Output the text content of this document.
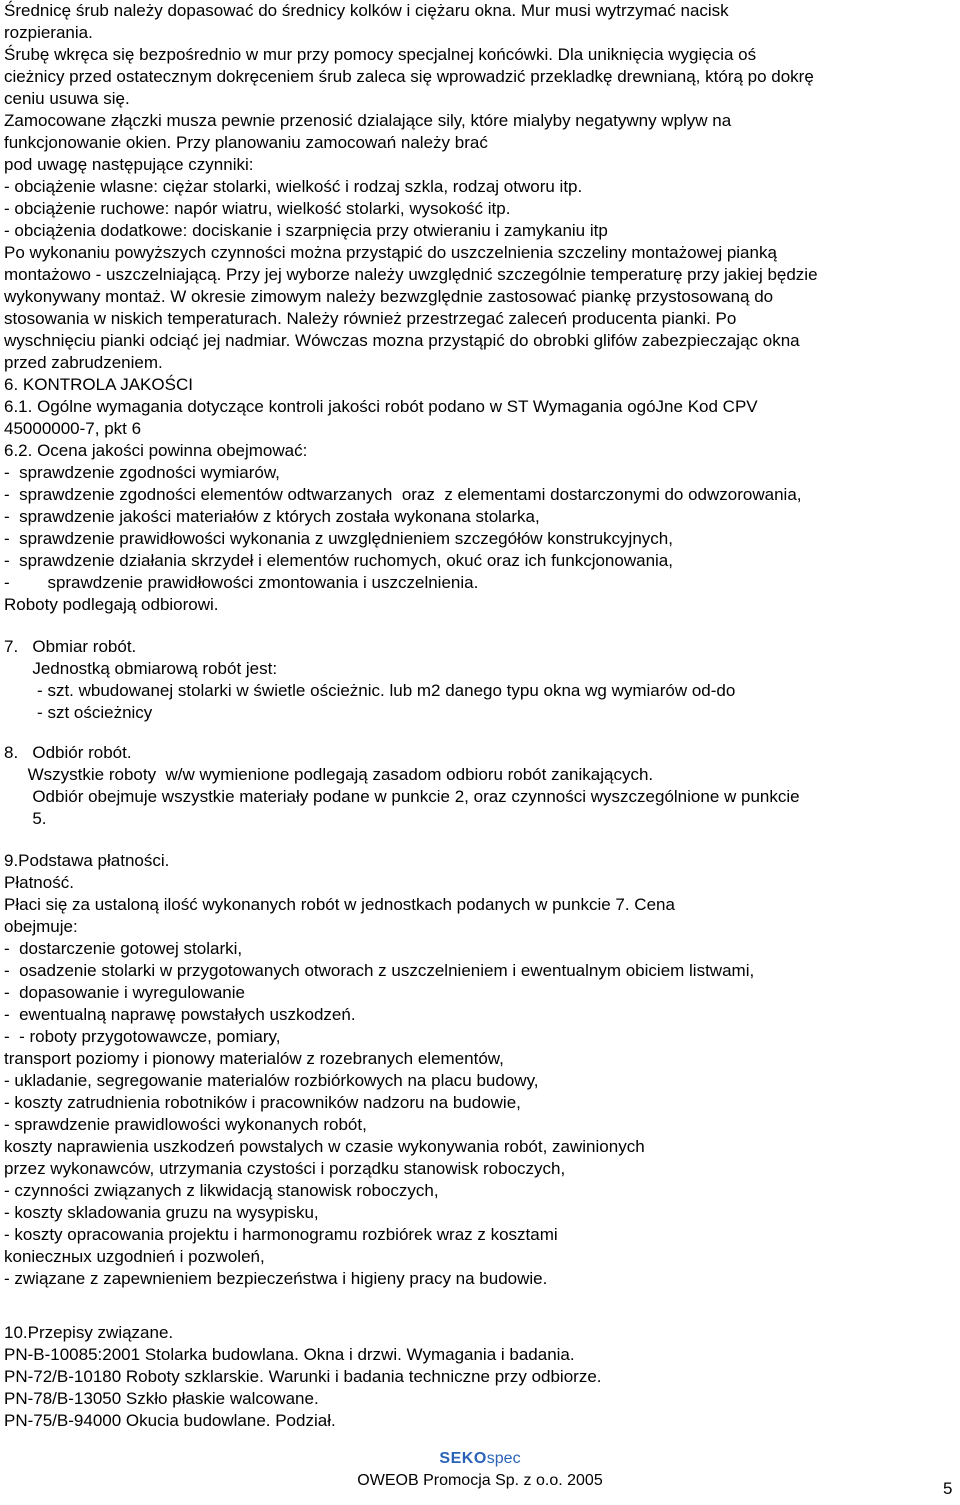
Średnicę śrub należy dopasować do średnicy kolków i ciężaru okna. Mur musi wytrzymać nacisk
rozpierania.
Śrubę wkręca się bezpośrednio w mur przy pomocy specjalnej końcówki. Dla uniknięcia wygięcia oś
cieżnicy przed ostatecznym dokręceniem śrub zaleca się wprowadzić przekladkę drewnianą, którą po dokrę
ceniu usuwa się.
Zamocowane złączki musza pewnie przenosić dzialające sily, które mialyby negatywny wplyw na
funkcjonowanie okien. Przy planowaniu zamocowań należy brać
pod uwagę następujące czynniki:
- obciążenie wlasne: ciężar stolarki, wielkość i rodzaj szkla, rodzaj otworu itp.
- obciążenie ruchowe: napór wiatru, wielkość stolarki, wysokość itp.
- obciążenia dodatkowe: dociskanie i szarpnięcia przy otwieraniu i zamykaniu itp
Po wykonaniu powyższych czynności można przystąpić do uszczelnienia szczeliny montażowej pianką
montażowo - uszczelniającą. Przy jej wyborze należy uwzględnić szczególnie temperaturę przy jakiej będzie
wykonywany montaż. W okresie zimowym należy bezwzględnie zastosować piankę przystosowaną do
stosowania w niskich temperaturach. Należy również przestrzegać zaleceń producenta pianki. Po
wyschnięciu pianki odciąć jej nadmiar. Wówczas mozna przystąpić do obrobki glifów zabezpieczając okna
przed zabrudzeniem.
6. KONTROLA JAKOŚCI
6.1. Ogólne wymagania dotyczące kontroli jakości robót podano w ST Wymagania ogóJne Kod CPV
45000000-7, pkt 6
6.2. Ocena jakości powinna obejmować:
-  sprawdzenie zgodności wymiarów,
-  sprawdzenie zgodności elementów odtwarzanych  oraz  z elementami dostarczonymi do odwzorowania,
-  sprawdzenie jakości materiałów z których została wykonana stolarka,
-  sprawdzenie prawidłowości wykonania z uwzględnieniem szczegółów konstrukcyjnych,
-  sprawdzenie działania skrzydeł i elementów ruchomych, okuć oraz ich funkcjonowania,
-        sprawdzenie prawidłowości zmontowania i uszczelnienia.
Roboty podlegają odbiorowi.
7.   Obmiar robót.
Jednostką obmiarową robót jest:
- szt. wbudowanej stolarki w świetle ościeżnic. lub m2 danego typu okna wg wymiarów od-do
- szt ościeżnicy
8.   Odbiór robót.
Wszystkie roboty  w/w wymienione podlegają zasadom odbioru robót zanikających.
Odbiór obejmuje wszystkie materiały podane w punkcie 2, oraz czynności wyszczególnione w punkcie
5.
9.Podstawa płatności.
Płatność.
Płaci się za ustaloną ilość wykonanych robót w jednostkach podanych w punkcie 7. Cena
obejmuje:
-  dostarczenie gotowej stolarki,
-  osadzenie stolarki w przygotowanych otworach z uszczelnieniem i ewentualnym obiciem listwami,
-  dopasowanie i wyregulowanie
-  ewentualną naprawę powstałych uszkodzeń.
-  - roboty przygotowawcze, pomiary,
transport poziomy i pionowy materialów z rozebranych elementów,
- ukladanie, segregowanie materialów rozbiórkowych na placu budowy,
- koszty zatrudnienia robotników i pracowników nadzoru na budowie,
- sprawdzenie prawidlowości wykonanych robót,
koszty naprawienia uszkodzeń powstalych w czasie wykonywania robót, zawinionych
przez wykonawców, utrzymania czystości i porządku stanowisk roboczych,
- czynności związanych z likwidacją stanowisk roboczych,
- koszty skladowania gruzu na wysypisku,
- koszty opracowania projektu i harmonogramu rozbiórek wraz z kosztami
konieczных uzgodnień i pozwoleń,
- związane z zapewnieniem bezpieczeństwa i higieny pracy na budowie.
10.Przepisy związane.
PN-B-10085:2001 Stolarka budowlana. Okna i drzwi. Wymagania i badania.
PN-72/B-10180 Roboty szklarskie. Warunki i badania techniczne przy odbiorze.
PN-78/B-13050 Szkło płaskie walcowane.
PN-75/B-94000 Okucia budowlane. Podział.
SEKOspec
OWEOB Promocja Sp. z o.o. 2005	5
